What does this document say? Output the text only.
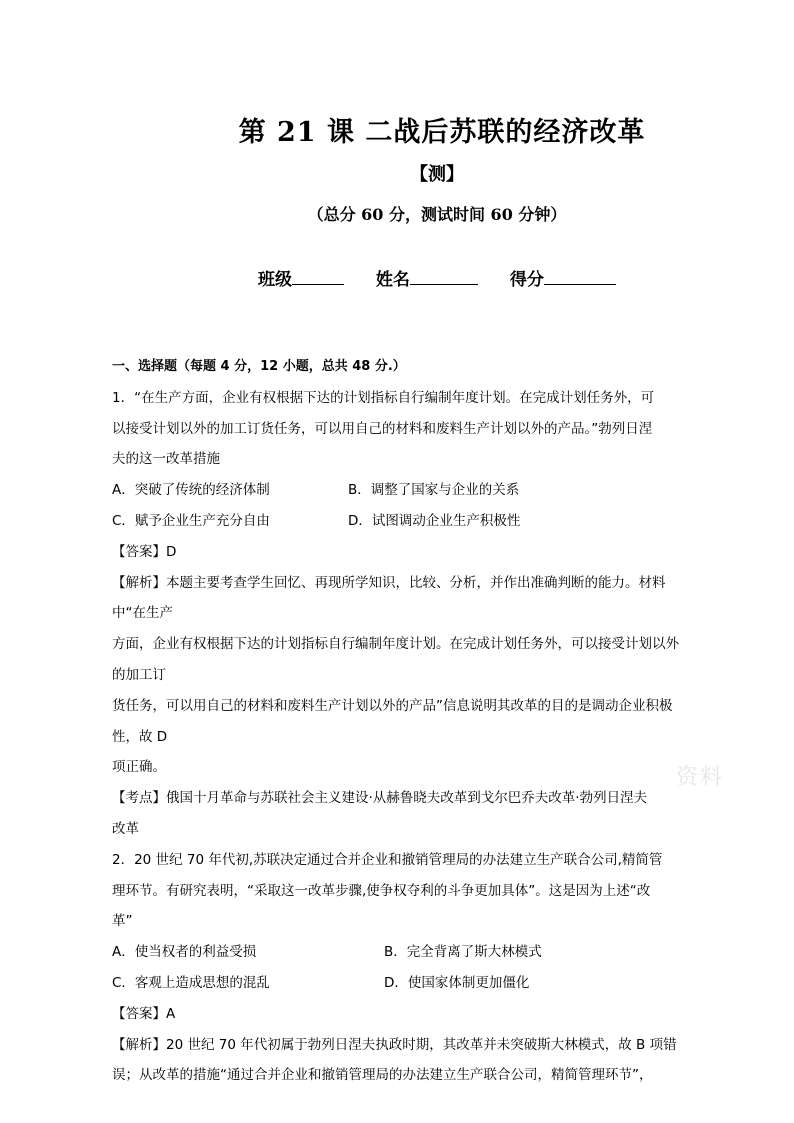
第 21 课 二战后苏联的经济改革
【测】
（总分 60 分，测试时间 60 分钟）
班级	姓名	得分

一、选择题（每题 4 分，12 小题，总共 48 分.）

1．“在生产方面，企业有权根据下达的计划指标自行编制年度计划。在完成计划任务外，可

以接受计划以外的加工订货任务，可以用自己的材料和废料生产计划以外的产品。”勃列日涅

夫的这一改革措施

A．突破了传统的经济体制	B．调整了国家与企业的关系
C．赋予企业生产充分自由	D．试图调动企业生产积极性

【答案】D

【解析】本题主要考查学生回忆、再现所学知识，比较、分析，并作出准确判断的能力。材料中“在生产

方面，企业有权根据下达的计划指标自行编制年度计划。在完成计划任务外，可以接受计划以外的加工订

货任务，可以用自己的材料和废料生产计划以外的产品”信息说明其改革的目的是调动企业积极性，故 D

项正确。

【考点】俄国十月革命与苏联社会主义建设·从赫鲁晓夫改革到戈尔巴乔夫改革·勃列日涅夫

改革

2．20 世纪 70 年代初,苏联决定通过合并企业和撤销管理局的办法建立生产联合公司,精简管

理环节。有研究表明，“采取这一改革步骤,使争权夺利的斗争更加具体”。这是因为上述“改

革”

A．使当权者的利益受损	B．完全背离了斯大林模式
C．客观上造成思想的混乱	D．使国家体制更加僵化

【答案】A

【解析】20 世纪 70 年代初属于勃列日涅夫执政时期，其改革并未突破斯大林模式，故 B 项错

误；从改革的措施“通过合并企业和撤销管理局的办法建立生产联合公司，精简管理环节”，

资料
